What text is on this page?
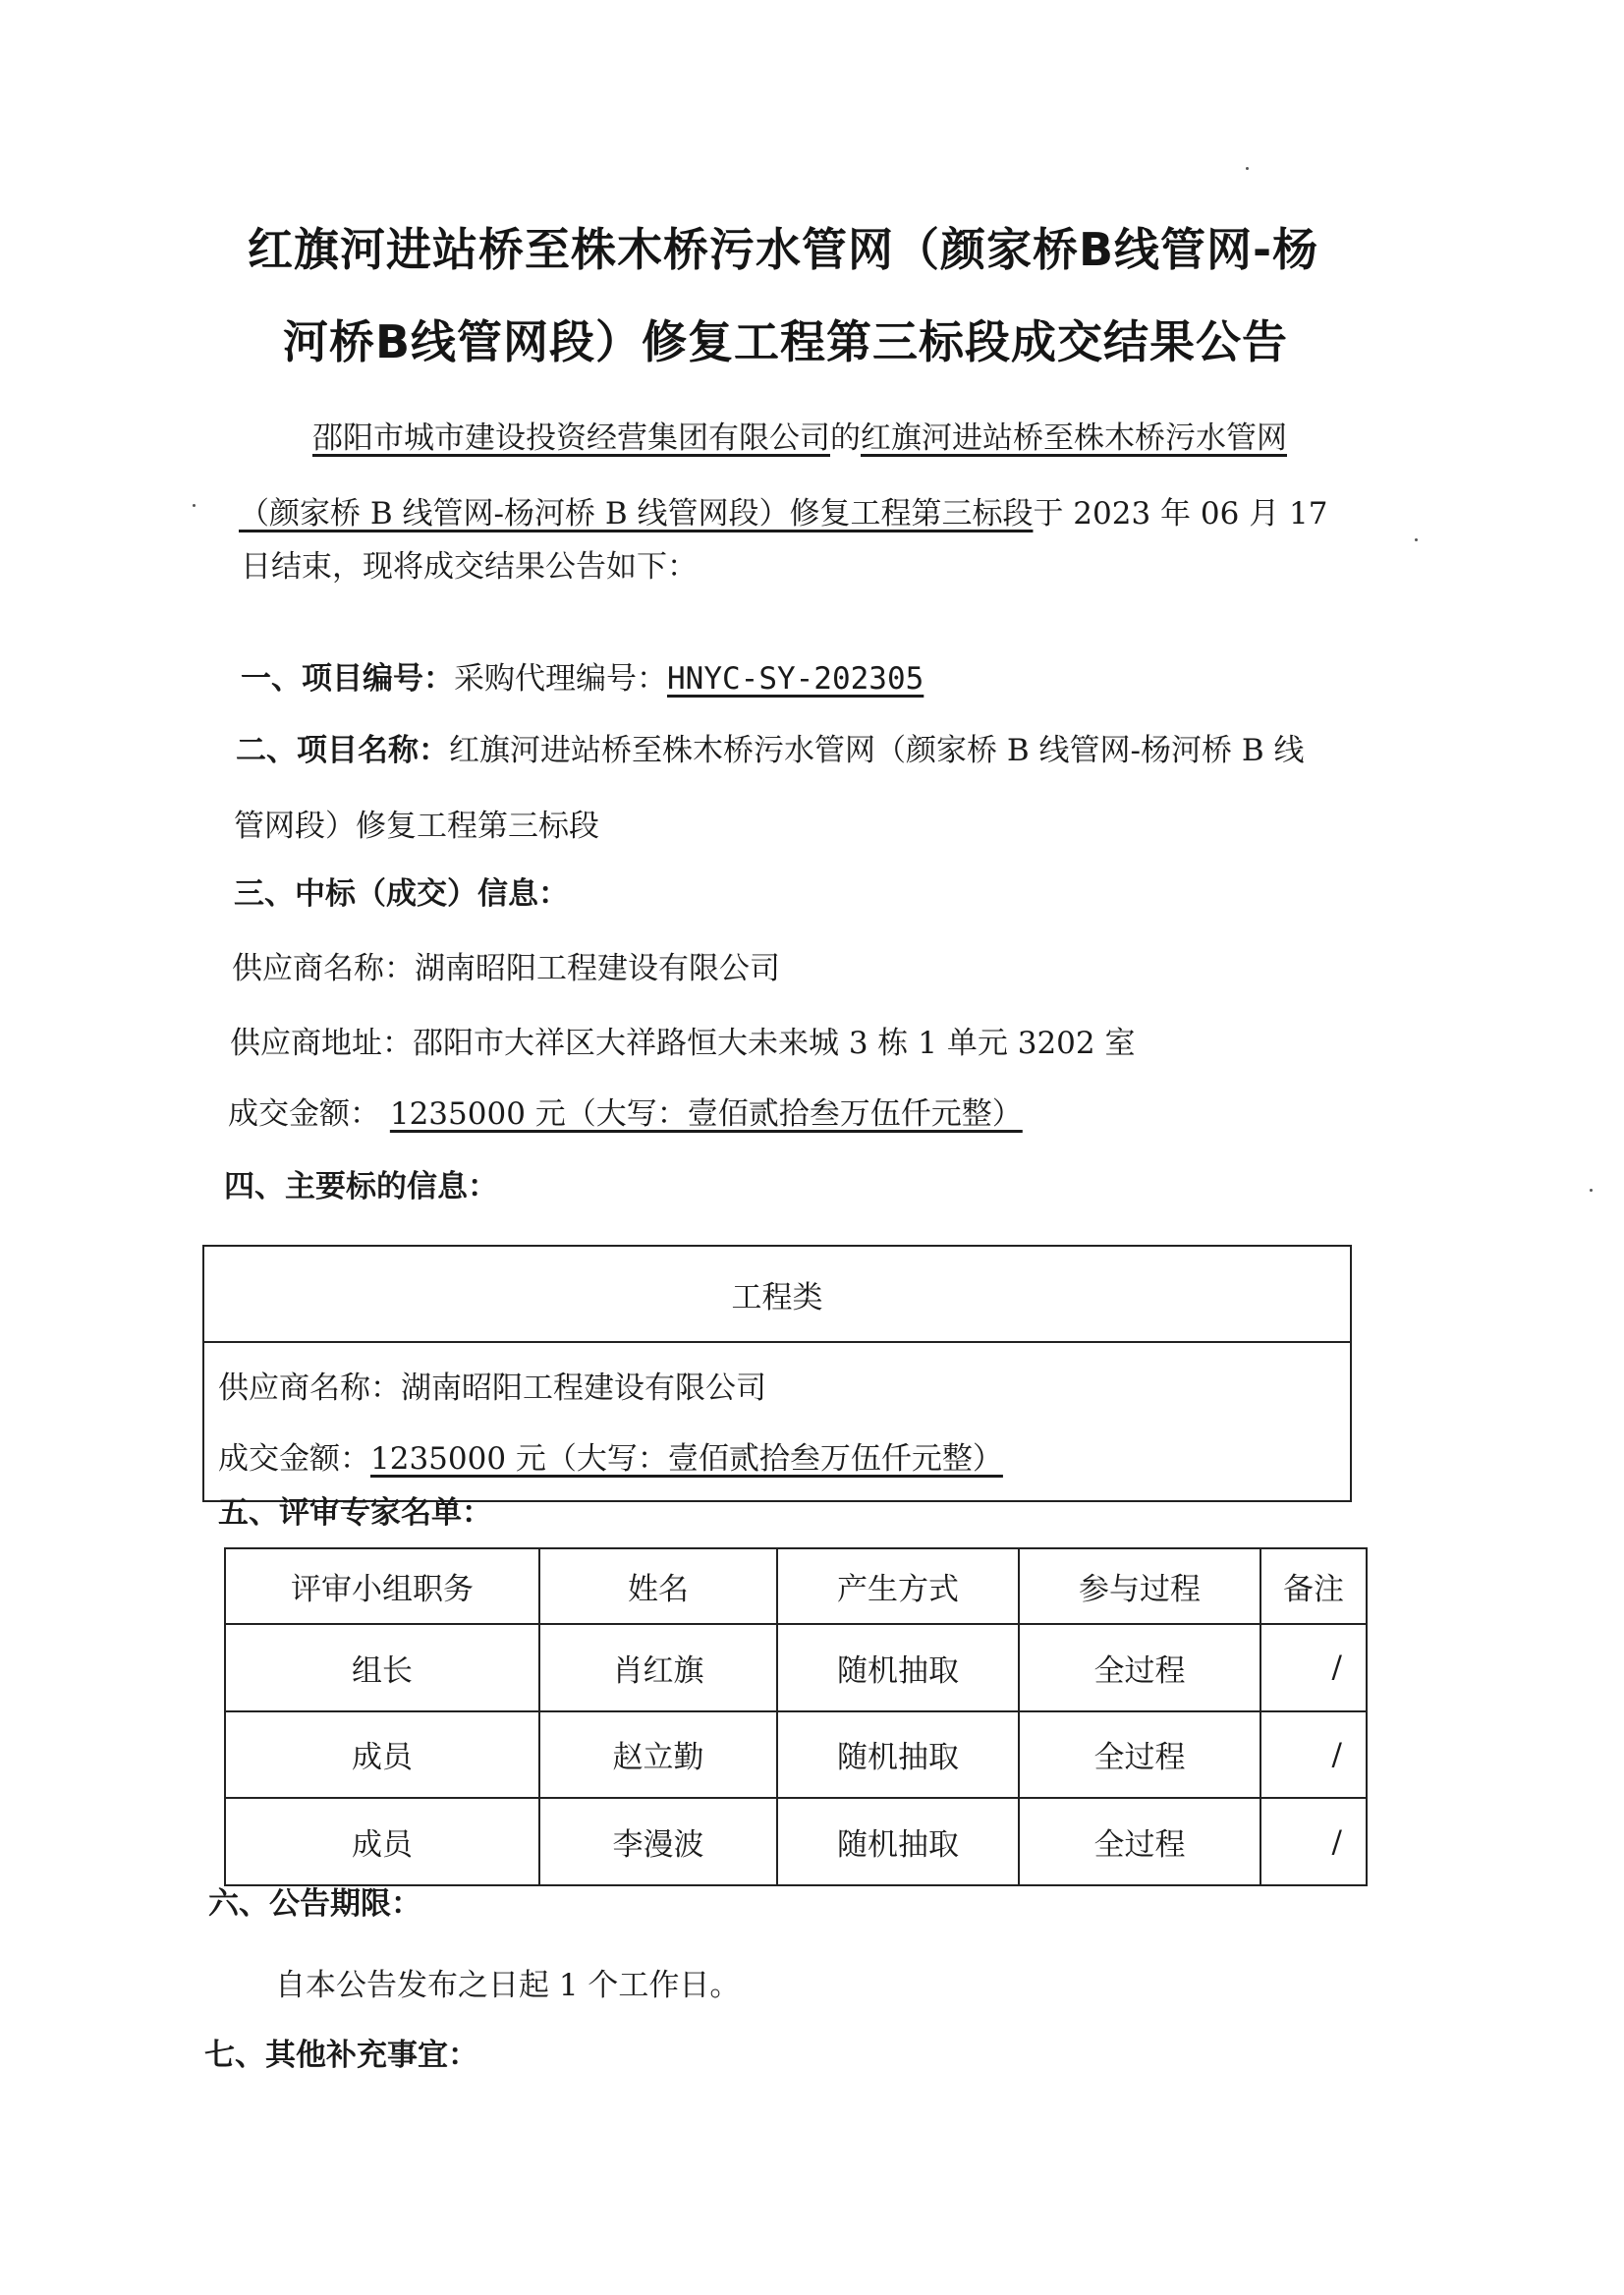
红旗河进站桥至株木桥污水管网（颜家桥B线管网-杨
河桥B线管网段）修复工程第三标段成交结果公告
邵阳市城市建设投资经营集团有限公司的红旗河进站桥至株木桥污水管网
（颜家桥 B 线管网-杨河桥 B 线管网段）修复工程第三标段于 2023 年 06 月 17
日结束，现将成交结果公告如下：
一、项目编号：采购代理编号：HNYC-SY-202305
二、项目名称：红旗河进站桥至株木桥污水管网（颜家桥 B 线管网-杨河桥 B 线
管网段）修复工程第三标段
三、中标（成交）信息：
供应商名称：湖南昭阳工程建设有限公司
供应商地址：邵阳市大祥区大祥路恒大未来城 3 栋 1 单元 3202 室
成交金额： 1235000 元（大写：壹佰贰拾叁万伍仟元整）
四、主要标的信息：
工程类
供应商名称：湖南昭阳工程建设有限公司
成交金额：1235000 元（大写：壹佰贰拾叁万伍仟元整）
五、评审专家名单：
评审小组职务	姓名	产生方式	参与过程	备注
组长	肖红旗	随机抽取	全过程	/
成员	赵立勤	随机抽取	全过程	/
成员	李漫波	随机抽取	全过程	/
六、公告期限：
自本公告发布之日起 1 个工作日。
七、其他补充事宜：
